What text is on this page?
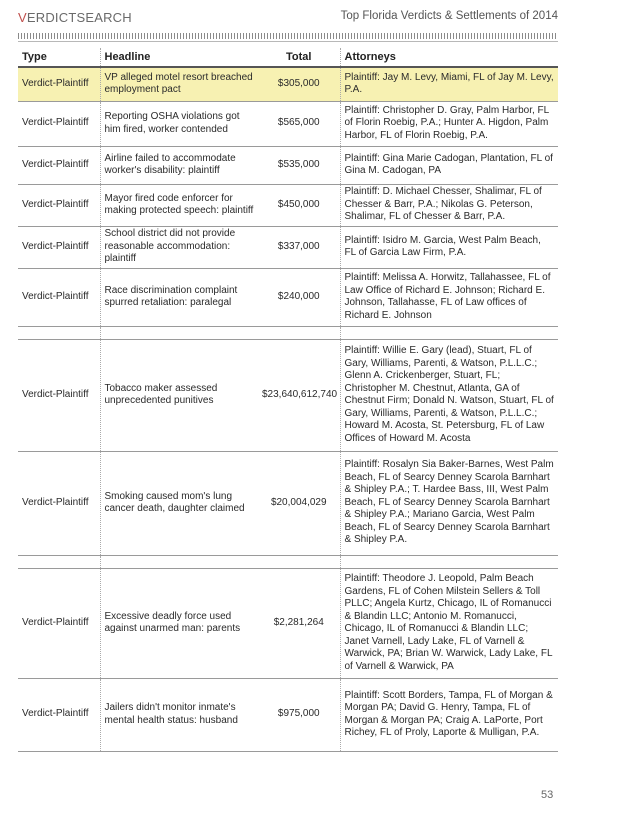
VERDICTSEARCH	Top Florida Verdicts & Settlements of 2014
Type	Headline	Total	Attorneys
Verdict-Plaintiff	VP alleged motel resort breached employment pact	$305,000	Plaintiff: Jay M. Levy, Miami, FL of Jay M. Levy, P.A.
Verdict-Plaintiff	Reporting OSHA violations got him fired, worker contended	$565,000	Plaintiff: Christopher D. Gray, Palm Harbor, FL of Florin Roebig, P.A.; Hunter A. Higdon, Palm Harbor, FL of Florin Roebig, P.A.
Verdict-Plaintiff	Airline failed to accommodate worker's disability: plaintiff	$535,000	Plaintiff: Gina Marie Cadogan, Plantation, FL of Gina M. Cadogan, PA
Verdict-Plaintiff	Mayor fired code enforcer for making protected speech: plaintiff	$450,000	Plaintiff: D. Michael Chesser, Shalimar, FL of Chesser & Barr, P.A.; Nikolas G. Peterson, Shalimar, FL of Chesser & Barr, P.A.
Verdict-Plaintiff	School district did not provide reasonable accommodation: plaintiff	$337,000	Plaintiff: Isidro M. Garcia, West Palm Beach, FL of Garcia Law Firm, P.A.
Verdict-Plaintiff	Race discrimination complaint spurred retaliation: paralegal	$240,000	Plaintiff: Melissa A. Horwitz, Tallahassee, FL of Law Office of Richard E. Johnson; Richard E. Johnson, Tallahasse, FL of Law offices of Richard E. Johnson

Verdict-Plaintiff	Tobacco maker assessed unprecedented punitives	$23,640,612,740	Plaintiff: Willie E. Gary (lead), Stuart, FL of Gary, Williams, Parenti, & Watson, P.L.L.C.; Glenn A. Crickenberger, Stuart, FL; Christopher M. Chestnut, Atlanta, GA of Chestnut Firm; Donald N. Watson, Stuart, FL of Gary, Williams, Parenti, & Watson, P.L.L.C.; Howard M. Acosta, St. Petersburg, FL of Law Offices of Howard M. Acosta
Verdict-Plaintiff	Smoking caused mom's lung cancer death, daughter claimed	$20,004,029	Plaintiff: Rosalyn Sia Baker-Barnes, West Palm Beach, FL of Searcy Denney Scarola Barnhart & Shipley P.A.; T. Hardee Bass, III, West Palm Beach, FL of Searcy Denney Scarola Barnhart & Shipley P.A.; Mariano Garcia, West Palm Beach, FL of Searcy Denney Scarola Barnhart & Shipley P.A.

Verdict-Plaintiff	Excessive deadly force used against unarmed man: parents	$2,281,264	Plaintiff: Theodore J. Leopold, Palm Beach Gardens, FL of Cohen Milstein Sellers & Toll PLLC; Angela Kurtz, Chicago, IL of Romanucci & Blandin LLC; Antonio M. Romanucci, Chicago, IL of Romanucci & Blandin LLC; Janet Varnell, Lady Lake, FL of Varnell & Warwick, PA; Brian W. Warwick, Lady Lake, FL of Varnell & Warwick, PA
Verdict-Plaintiff	Jailers didn't monitor inmate's mental health status: husband	$975,000	Plaintiff: Scott Borders, Tampa, FL of Morgan & Morgan PA; David G. Henry, Tampa, FL of Morgan & Morgan PA; Craig A. LaPorte, Port Richey, FL of Proly, Laporte & Mulligan, P.A.
53
